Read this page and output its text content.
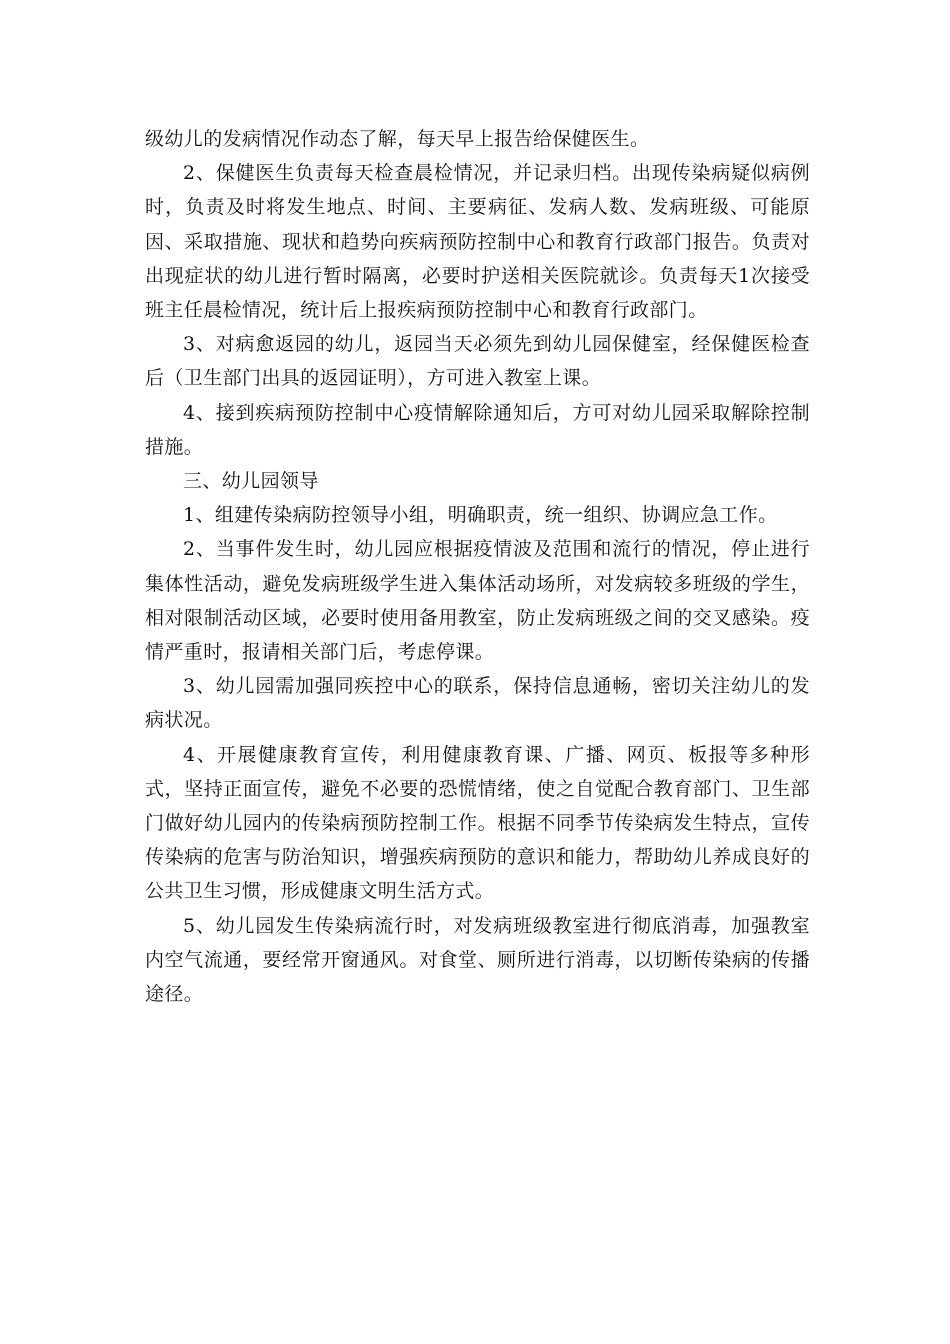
级幼儿的发病情况作动态了解，每天早上报告给保健医生。

2、保健医生负责每天检查晨检情况，并记录归档。出现传染病疑似病例时，负责及时将发生地点、时间、主要病征、发病人数、发病班级、可能原因、采取措施、现状和趋势向疾病预防控制中心和教育行政部门报告。负责对出现症状的幼儿进行暂时隔离，必要时护送相关医院就诊。负责每天1次接受班主任晨检情况，统计后上报疾病预防控制中心和教育行政部门。

3、对病愈返园的幼儿，返园当天必须先到幼儿园保健室，经保健医检查后（卫生部门出具的返园证明），方可进入教室上课。

4、接到疾病预防控制中心疫情解除通知后，方可对幼儿园采取解除控制措施。

三、幼儿园领导

1、组建传染病防控领导小组，明确职责，统一组织、协调应急工作。

2、当事件发生时，幼儿园应根据疫情波及范围和流行的情况，停止进行集体性活动，避免发病班级学生进入集体活动场所，对发病较多班级的学生，相对限制活动区域，必要时使用备用教室，防止发病班级之间的交叉感染。疫情严重时，报请相关部门后，考虑停课。

3、幼儿园需加强同疾控中心的联系，保持信息通畅，密切关注幼儿的发病状况。

4、开展健康教育宣传，利用健康教育课、广播、网页、板报等多种形式，坚持正面宣传，避免不必要的恐慌情绪，使之自觉配合教育部门、卫生部门做好幼儿园内的传染病预防控制工作。根据不同季节传染病发生特点，宣传传染病的危害与防治知识，增强疾病预防的意识和能力，帮助幼儿养成良好的公共卫生习惯，形成健康文明生活方式。

5、幼儿园发生传染病流行时，对发病班级教室进行彻底消毒，加强教室内空气流通，要经常开窗通风。对食堂、厕所进行消毒，以切断传染病的传播途径。
